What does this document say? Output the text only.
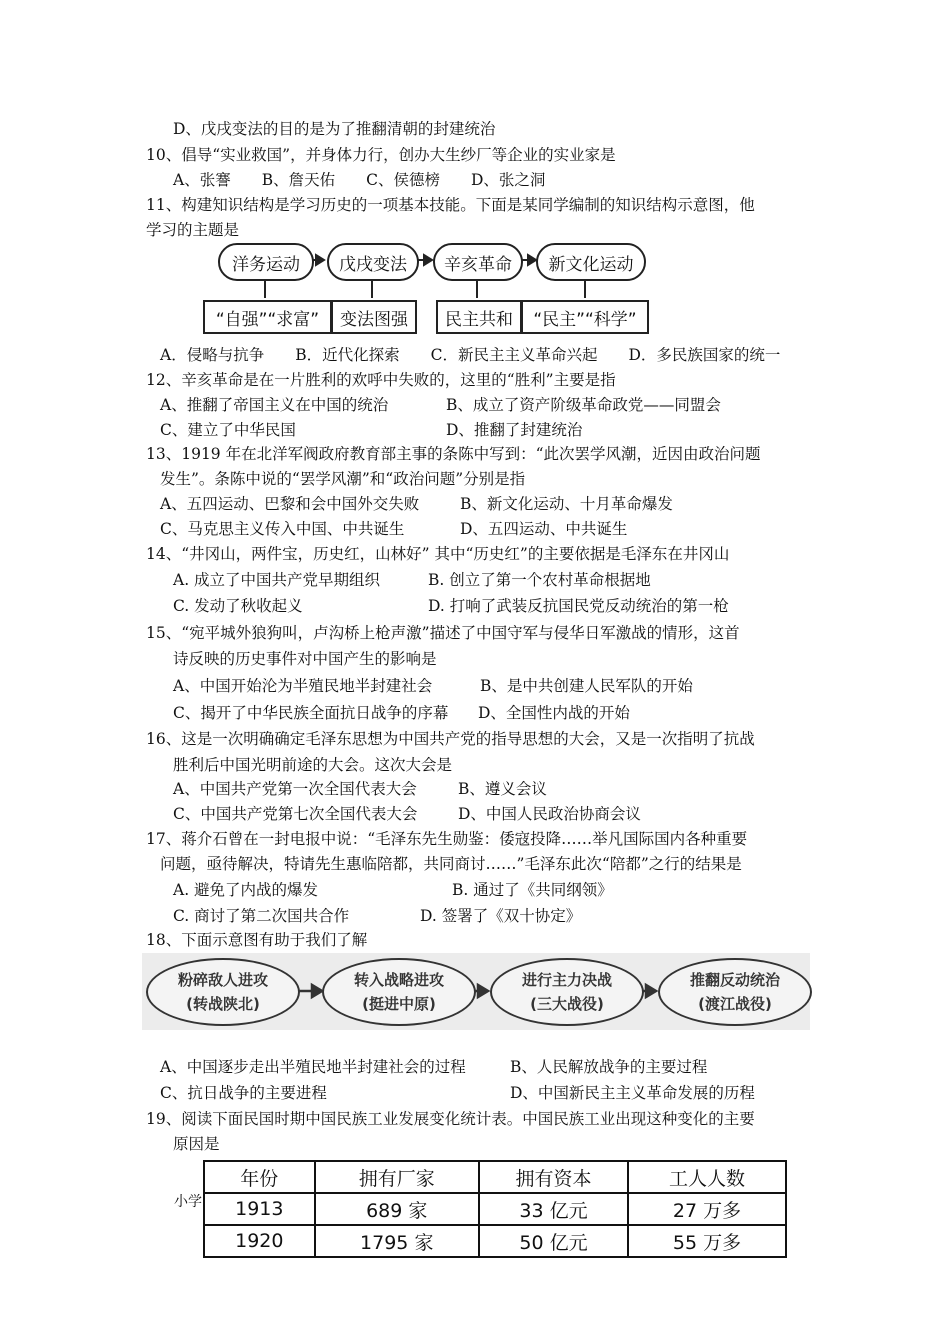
D、戊戌变法的目的是为了推翻清朝的封建统治
10、倡导“实业救国”，并身体力行，创办大生纱厂等企业的实业家是
A、张謇　　B、詹天佑　　C、侯德榜　　D、张之洞
11、构建知识结构是学习历史的一项基本技能。下面是某同学编制的知识结构示意图，他
学习的主题是
洋务运动	戊戌变法	辛亥革命	新文化运动
“自强”“求富”	变法图强	民主共和	“民主”“科学”
A．侵略与抗争　　B．近代化探索　　C．新民主主义革命兴起　　D．多民族国家的统一
12、辛亥革命是在一片胜利的欢呼中失败的，这里的“胜利”主要是指
A、推翻了帝国主义在中国的统治	B、成立了资产阶级革命政党——同盟会
C、建立了中华民国	D、推翻了封建统治
13、1919 年在北洋军阀政府教育部主事的条陈中写到：“此次罢学风潮，近因由政治问题
发生”。条陈中说的“罢学风潮”和“政治问题”分别是指
A、五四运动、巴黎和会中国外交失败	B、新文化运动、十月革命爆发
C、马克思主义传入中国、中共诞生	D、五四运动、中共诞生
14、“井冈山，两件宝，历史红，山林好” 其中“历史红”的主要依据是毛泽东在井冈山
A. 成立了中国共产党早期组织	B. 创立了第一个农村革命根据地
C. 发动了秋收起义	D. 打响了武装反抗国民党反动统治的第一枪
15、“宛平城外狼狗叫，卢沟桥上枪声激”描述了中国守军与侵华日军激战的情形，这首
诗反映的历史事件对中国产生的影响是
A、中国开始沦为半殖民地半封建社会	B、是中共创建人民军队的开始
C、揭开了中华民族全面抗日战争的序幕 D、全国性内战的开始
16、这是一次明确确定毛泽东思想为中国共产党的指导思想的大会，又是一次指明了抗战
胜利后中国光明前途的大会。这次大会是
A、中国共产党第一次全国代表大会	B、遵义会议
C、中国共产党第七次全国代表大会	D、中国人民政治协商会议
17、蒋介石曾在一封电报中说：“毛泽东先生勋鉴：倭寇投降……举凡国际国内各种重要
问题，亟待解决，特请先生惠临陪都，共同商讨……”毛泽东此次“陪都”之行的结果是
A. 避免了内战的爆发	B. 通过了《共同纲领》
C. 商讨了第二次国共合作	D. 签署了《双十协定》
18、下面示意图有助于我们了解
粉碎敌人进攻
(转战陕北)
转入战略进攻
(挺进中原)
进行主力决战
(三大战役)
推翻反动统治
(渡江战役)
A、中国逐步走出半殖民地半封建社会的过程	B、人民解放战争的主要过程
C、抗日战争的主要进程	D、中国新民主主义革命发展的历程
19、阅读下面民国时期中国民族工业发展变化统计表。中国民族工业出现这种变化的主要
原因是
小学
年份	拥有厂家	拥有资本	工人人数
1913	689 家	33 亿元	27 万多
1920	1795 家	50 亿元	55 万多
